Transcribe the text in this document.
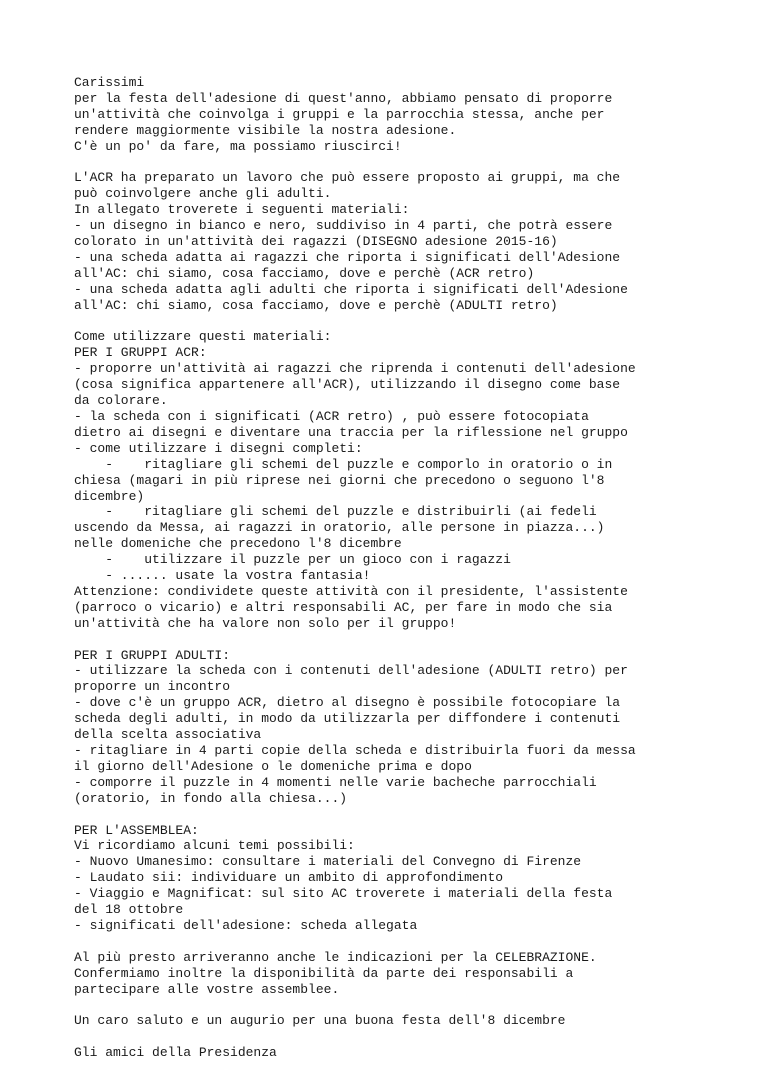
Carissimi
per la festa dell'adesione di quest'anno, abbiamo pensato di proporre
un'attività che coinvolga i gruppi e la parrocchia stessa, anche per
rendere maggiormente visibile la nostra adesione.
C'è un po' da fare, ma possiamo riuscirci!
L'ACR ha preparato un lavoro che può essere proposto ai gruppi, ma che
può coinvolgere anche gli adulti.
In allegato troverete i seguenti materiali:
- un disegno in bianco e nero, suddiviso in 4 parti, che potrà essere
colorato in un'attività dei ragazzi (DISEGNO adesione 2015-16)
- una scheda adatta ai ragazzi che riporta i significati dell'Adesione
all'AC: chi siamo, cosa facciamo, dove e perchè (ACR retro)
- una scheda adatta agli adulti che riporta i significati dell'Adesione
all'AC: chi siamo, cosa facciamo, dove e perchè (ADULTI retro)
Come utilizzare questi materiali:
PER I GRUPPI ACR:
- proporre un'attività ai ragazzi che riprenda i contenuti dell'adesione
(cosa significa appartenere all'ACR), utilizzando il disegno come base
da colorare.
- la scheda con i significati (ACR retro) , può essere fotocopiata
dietro ai disegni e diventare una traccia per la riflessione nel gruppo
- come utilizzare i disegni completi:
-    ritagliare gli schemi del puzzle e comporlo in oratorio o in
chiesa (magari in più riprese nei giorni che precedono o seguono l'8
dicembre)
-    ritagliare gli schemi del puzzle e distribuirli (ai fedeli
uscendo da Messa, ai ragazzi in oratorio, alle persone in piazza...)
nelle domeniche che precedono l'8 dicembre
-    utilizzare il puzzle per un gioco con i ragazzi
- ...... usate la vostra fantasia!
Attenzione: condividete queste attività con il presidente, l'assistente
(parroco o vicario) e altri responsabili AC, per fare in modo che sia
un'attività che ha valore non solo per il gruppo!
PER I GRUPPI ADULTI:
- utilizzare la scheda con i contenuti dell'adesione (ADULTI retro) per
proporre un incontro
- dove c'è un gruppo ACR, dietro al disegno è possibile fotocopiare la
scheda degli adulti, in modo da utilizzarla per diffondere i contenuti
della scelta associativa
- ritagliare in 4 parti copie della scheda e distribuirla fuori da messa
il giorno dell'Adesione o le domeniche prima e dopo
- comporre il puzzle in 4 momenti nelle varie bacheche parrocchiali
(oratorio, in fondo alla chiesa...)
PER L'ASSEMBLEA:
Vi ricordiamo alcuni temi possibili:
- Nuovo Umanesimo: consultare i materiali del Convegno di Firenze
- Laudato sii: individuare un ambito di approfondimento
- Viaggio e Magnificat: sul sito AC troverete i materiali della festa
del 18 ottobre
- significati dell'adesione: scheda allegata
Al più presto arriveranno anche le indicazioni per la CELEBRAZIONE.
Confermiamo inoltre la disponibilità da parte dei responsabili a
partecipare alle vostre assemblee.
Un caro saluto e un augurio per una buona festa dell'8 dicembre
Gli amici della Presidenza
